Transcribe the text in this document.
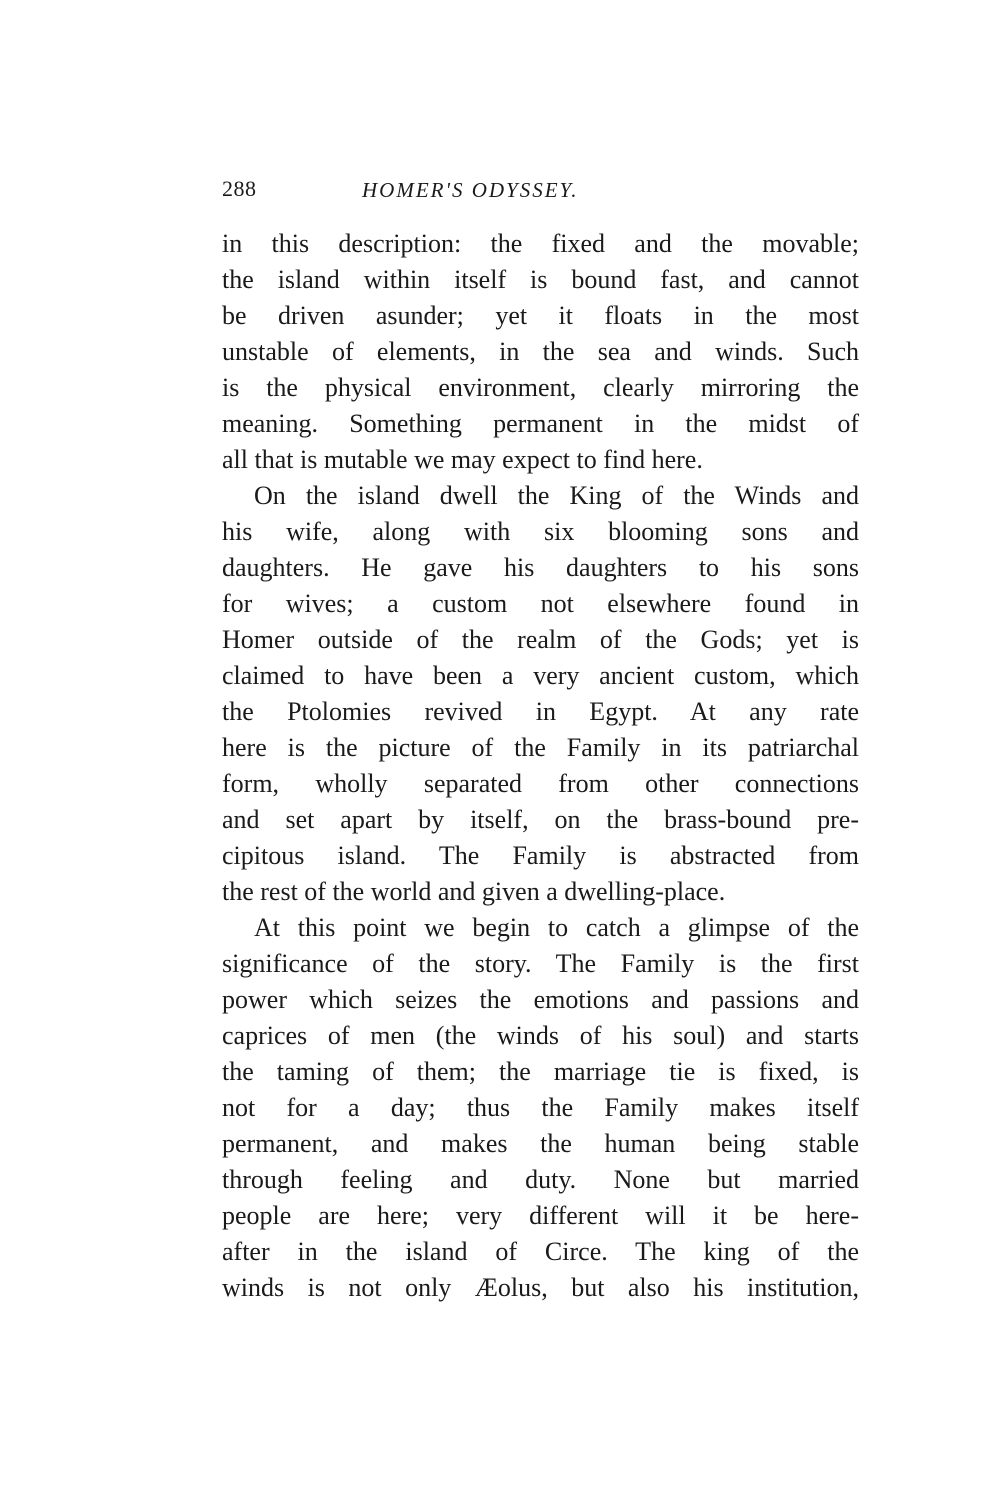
288	HOMER'S ODYSSEY.
in this description: the fixed and the movable;
the island within itself is bound fast, and cannot
be driven asunder; yet it floats in the most
unstable of elements, in the sea and winds. Such
is the physical environment, clearly mirroring the
meaning. Something permanent in the midst of
all that is mutable we may expect to find here.
On the island dwell the King of the Winds and
his wife, along with six blooming sons and
daughters. He gave his daughters to his sons
for wives; a custom not elsewhere found in
Homer outside of the realm of the Gods; yet is
claimed to have been a very ancient custom, which
the Ptolomies revived in Egypt. At any rate
here is the picture of the Family in its patriarchal
form, wholly separated from other connections
and set apart by itself, on the brass-bound pre-
cipitous island. The Family is abstracted from
the rest of the world and given a dwelling-place.
At this point we begin to catch a glimpse of the
significance of the story. The Family is the first
power which seizes the emotions and passions and
caprices of men (the winds of his soul) and starts
the taming of them; the marriage tie is fixed, is
not for a day; thus the Family makes itself
permanent, and makes the human being stable
through feeling and duty. None but married
people are here; very different will it be here-
after in the island of Circe. The king of the
winds is not only Æolus, but also his institution,
